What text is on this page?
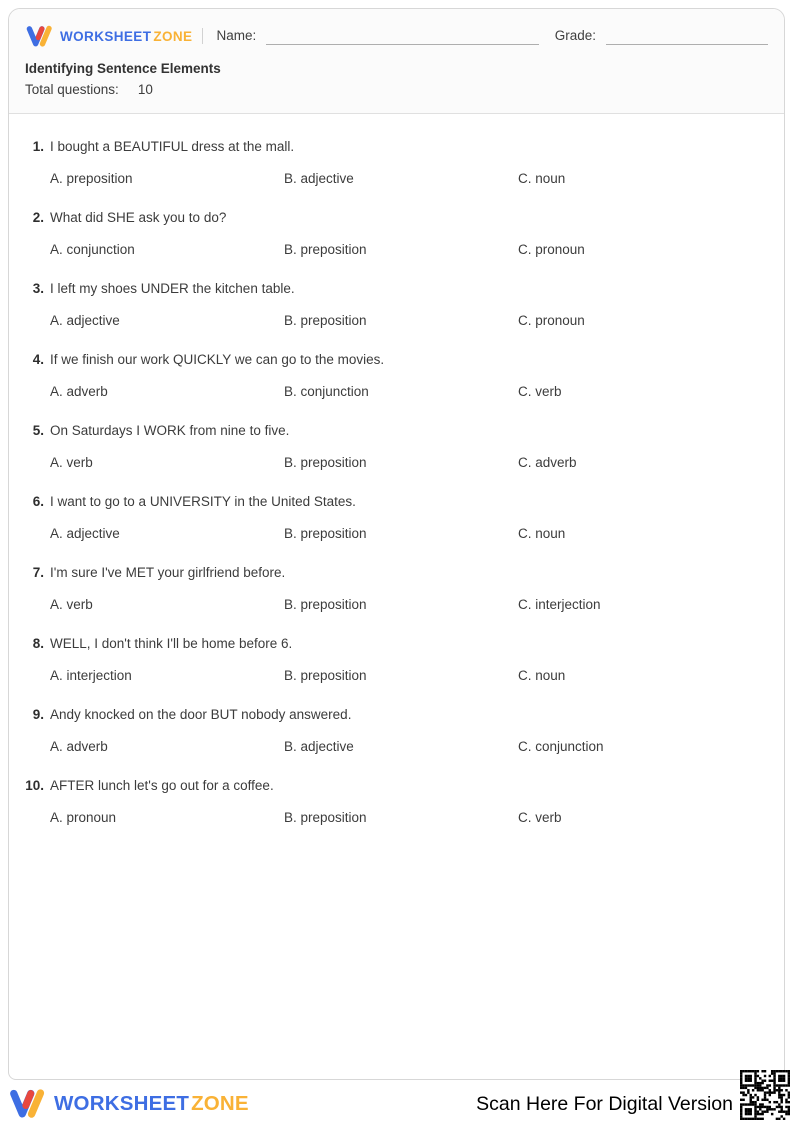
WORKSHEET ZONE Name:	Grade:
Identifying Sentence Elements
Total questions: 10
1. I bought a BEAUTIFUL dress at the mall.
A. preposition	B. adjective	C. noun
2. What did SHE ask you to do?
A. conjunction	B. preposition	C. pronoun
3. I left my shoes UNDER the kitchen table.
A. adjective	B. preposition	C. pronoun
4. If we finish our work QUICKLY we can go to the movies.
A. adverb	B. conjunction	C. verb
5. On Saturdays I WORK from nine to five.
A. verb	B. preposition	C. adverb
6. I want to go to a UNIVERSITY in the United States.
A. adjective	B. preposition	C. noun
7. I'm sure I've MET your girlfriend before.
A. verb	B. preposition	C. interjection
8. WELL, I don't think I'll be home before 6.
A. interjection	B. preposition	C. noun
9. Andy knocked on the door BUT nobody answered.
A. adverb	B. adjective	C. conjunction
10. AFTER lunch let's go out for a coffee.
A. pronoun	B. preposition	C. verb
WORKSHEETZONE	Scan Here For Digital Version
